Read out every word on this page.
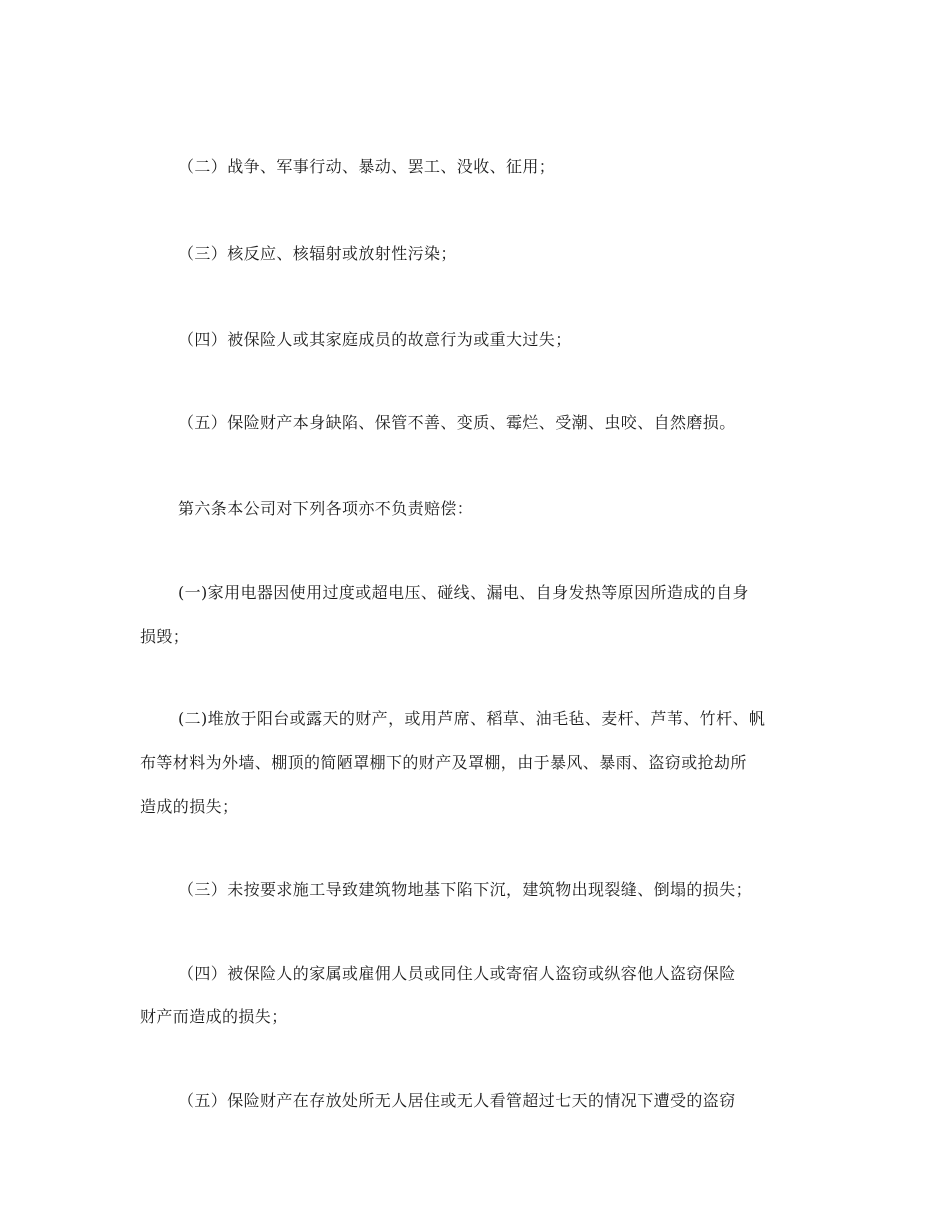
（二）战争、军事行动、暴动、罢工、没收、征用；
（三）核反应、核辐射或放射性污染；
（四）被保险人或其家庭成员的故意行为或重大过失；
（五）保险财产本身缺陷、保管不善、变质、霉烂、受潮、虫咬、自然磨损。
第六条本公司对下列各项亦不负责赔偿：
(一)家用电器因使用过度或超电压、碰线、漏电、自身发热等原因所造成的自身
损毁；
(二)堆放于阳台或露天的财产，或用芦席、稻草、油毛毡、麦杆、芦苇、竹杆、帆
布等材料为外墙、棚顶的简陋罩棚下的财产及罩棚，由于暴风、暴雨、盗窃或抢劫所
造成的损失；
（三）未按要求施工导致建筑物地基下陷下沉，建筑物出现裂缝、倒塌的损失；
（四）被保险人的家属或雇佣人员或同住人或寄宿人盗窃或纵容他人盗窃保险
财产而造成的损失；
（五）保险财产在存放处所无人居住或无人看管超过七天的情况下遭受的盗窃
